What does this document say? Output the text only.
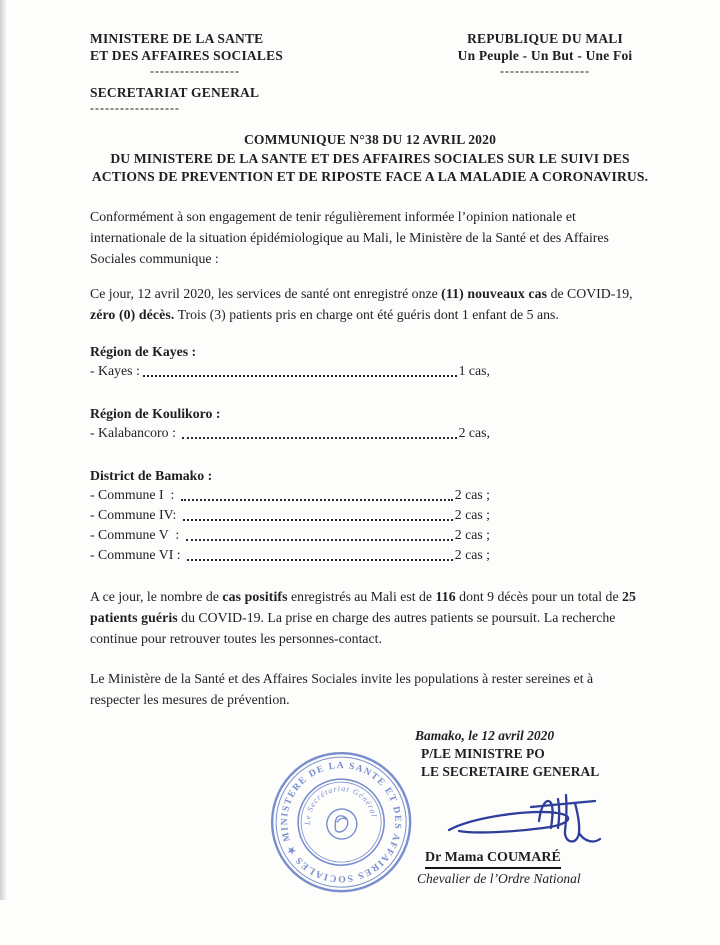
MINISTERE DE LA SANTE
ET DES AFFAIRES SOCIALES
------------------
SECRETARIAT GENERAL
------------------
REPUBLIQUE DU MALI
Un Peuple - Un But - Une Foi
------------------
COMMUNIQUE N°38 DU 12 AVRIL 2020
DU MINISTERE DE LA SANTE ET DES AFFAIRES SOCIALES SUR LE SUIVI DES
ACTIONS DE PREVENTION ET DE RIPOSTE FACE A LA MALADIE A CORONAVIRUS.

Conformément à son engagement de tenir régulièrement informée l’opinion nationale et internationale de la situation épidémiologique au Mali, le Ministère de la Santé et des Affaires Sociales communique :

Ce jour, 12 avril 2020, les services de santé ont enregistré onze (11) nouveaux cas de COVID-19, zéro (0) décès. Trois (3) patients pris en charge ont été guéris dont 1 enfant de 5 ans.

Région de Kayes :
- Kayes :	1 cas,
Région de Koulikoro :
- Kalabancoro :	2 cas,
District de Bamako :
- Commune I  :	2 cas ;
- Commune IV:	2 cas ;
- Commune V  :	2 cas ;
- Commune VI :	2 cas ;

A ce jour, le nombre de cas positifs enregistrés au Mali est de 116 dont 9 décès pour un total de 25 patients guéris du COVID-19. La prise en charge des autres patients se poursuit. La recherche continue pour retrouver toutes les personnes-contact.

Le Ministère de la Santé et des Affaires Sociales invite les populations à rester sereines et à respecter les mesures de prévention.

MINISTERE DE LA SANTE ET DES AFFAIRES SOCIALES ★
Le Secrétariat Général
Bamako, le 12 avril 2020
P/LE MINISTRE PO
LE SECRETAIRE GENERAL
Dr Mama COUMARÉ
Chevalier de l’Ordre National
